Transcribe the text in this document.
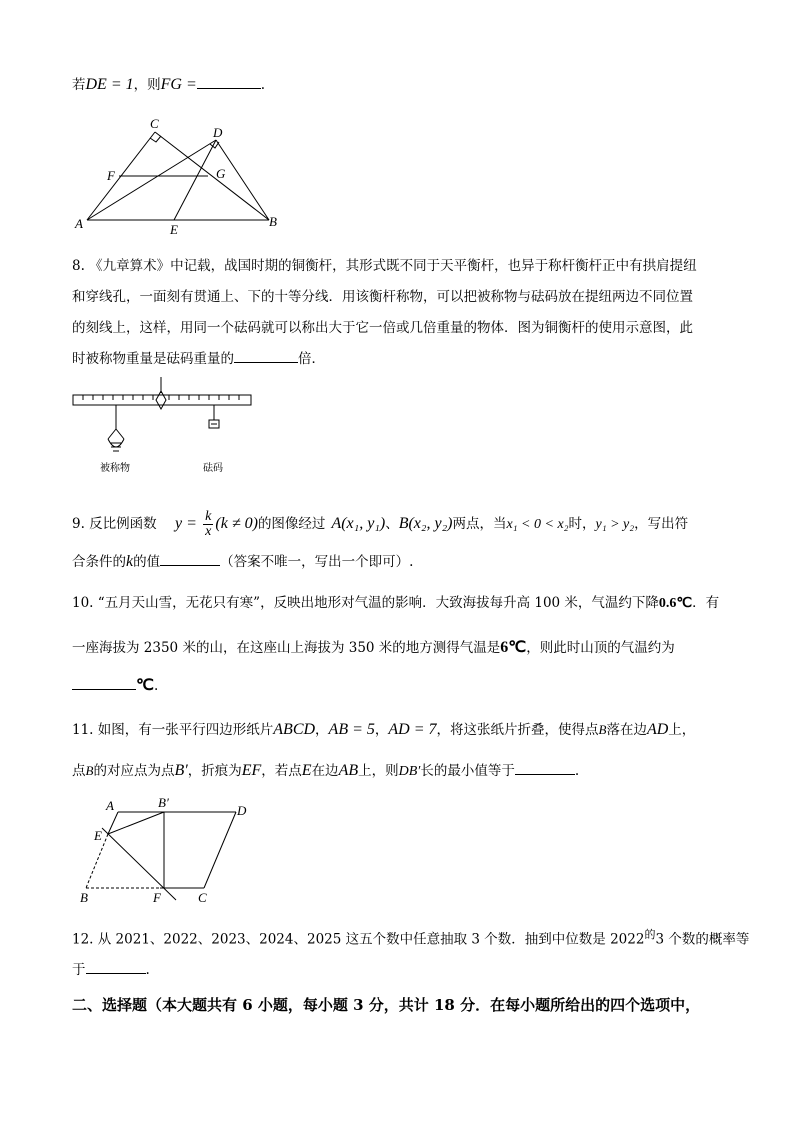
若DE = 1，则FG =	.
C
D
F	G
A	B
E
8. 《九章算术》中记载，战国时期的铜衡杆，其形式既不同于天平衡杆，也异于称杆衡杆正中有拱肩提纽
和穿线孔，一面刻有贯通上、下的十等分线．用该衡杆称物，可以把被称物与砝码放在提纽两边不同位置
的刻线上，这样，用同一个砝码就可以称出大于它一倍或几倍重量的物体．图为铜衡杆的使用示意图，此
时被称物重量是砝码重量的	倍．
被称物	砝码
9. 反比例函数 $y = \frac{k}{x} (k \ne 0)$的图像经过 A(x₁, y₁)、B(x₂, y₂)两点，当x₁ < 0 < x₂时，y₁ > y₂，写出符
合条件的k的值	（答案不唯一，写出一个即可）.
10. “五月天山雪，无花只有寒”，反映出地形对气温的影响．大致海拔每升高 100 米，气温约下降0.6℃．有
一座海拔为 2350 米的山，在这座山上海拔为 350 米的地方测得气温是6℃，则此时山顶的气温约为
℃.
11. 如图，有一张平行四边形纸片ABCD，AB = 5，AD = 7，将这张纸片折叠，使得点B落在边AD上，
点B的对应点为点B′，折痕为EF，若点E在边AB上，则DB′长的最小值等于	.
A	B′
D
E
B	F	C
12. 从 2021、2022、2023、2024、2025 这五个数中任意抽取 3 个数．抽到中位数是 $2022^的3$ 个数的概率等
于	.
二、选择题（本大题共有 6 小题，每小题 3 分，共计 18 分．在每小题所给出的四个选项中，
